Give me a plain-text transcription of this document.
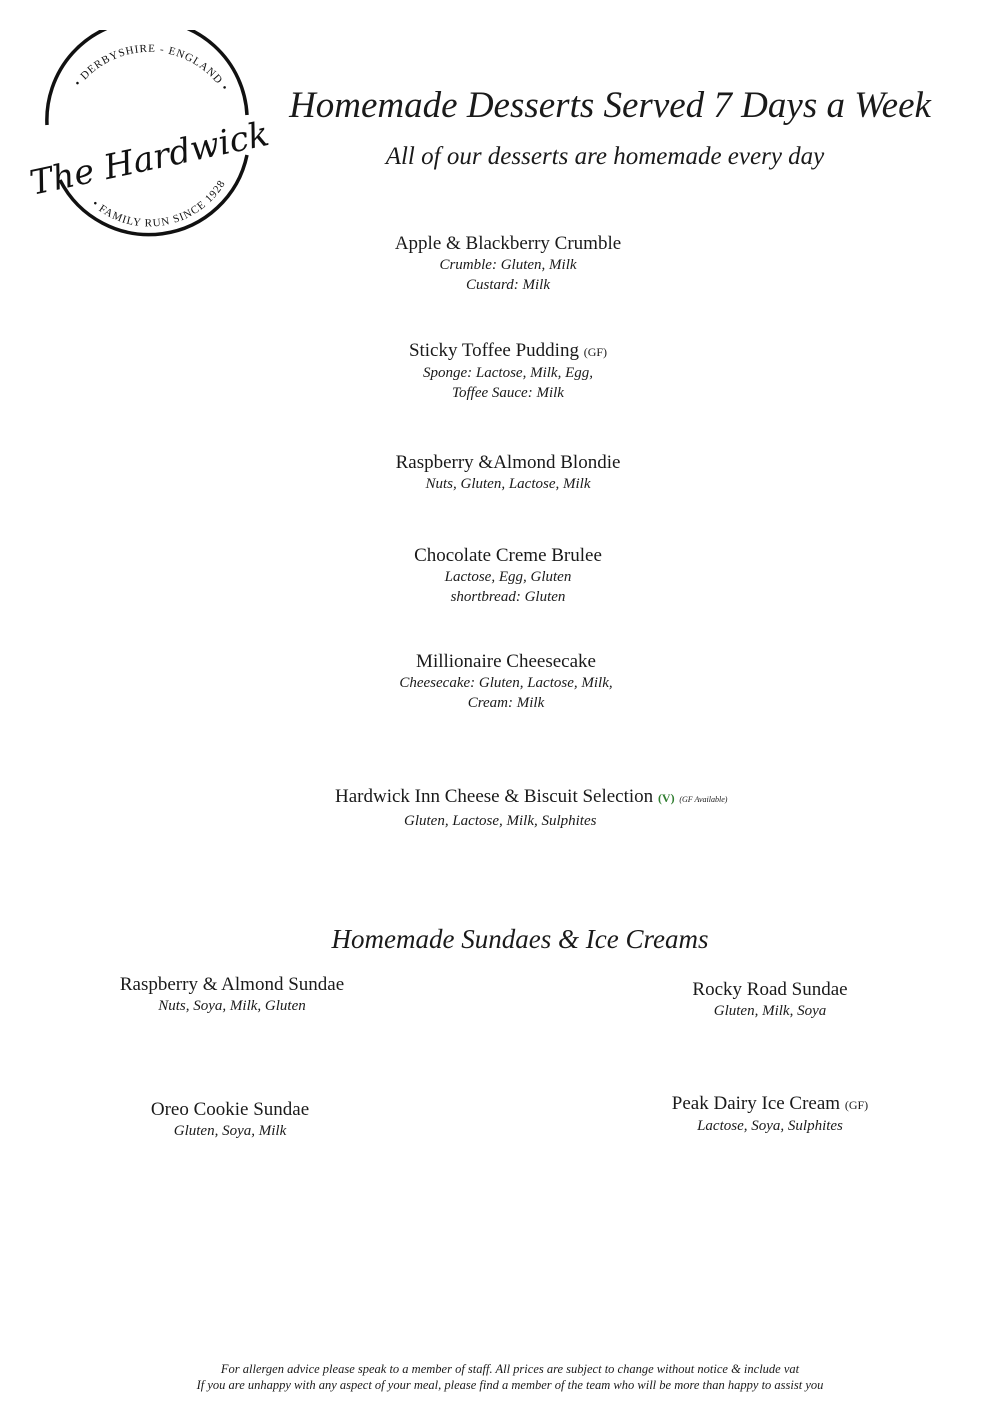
• DERBYSHIRE - ENGLAND •
• FAMILY RUN SINCE 1928
The Hardwick
Homemade Desserts Served 7 Days a Week
All of our desserts are homemade every day
Apple & Blackberry Crumble
Crumble: Gluten, Milk
Custard: Milk
Sticky Toffee Pudding (GF)
Sponge: Lactose, Milk, Egg,
Toffee Sauce: Milk
Raspberry &Almond Blondie
Nuts, Gluten, Lactose, Milk
Chocolate Creme Brulee
Lactose, Egg, Gluten
shortbread: Gluten
Millionaire Cheesecake
Cheesecake: Gluten, Lactose, Milk,
Cream: Milk
Hardwick Inn Cheese & Biscuit Selection (V) (GF Available)
Gluten, Lactose, Milk, Sulphites
Homemade Sundaes & Ice Creams
Raspberry & Almond Sundae
Nuts, Soya, Milk, Gluten
Rocky Road Sundae
Gluten, Milk, Soya
Oreo Cookie Sundae
Gluten, Soya, Milk
Peak Dairy Ice Cream (GF)
Lactose, Soya, Sulphites
For allergen advice please speak to a member of staff. All prices are subject to change without notice & include vat
If you are unhappy with any aspect of your meal, please find a member of the team who will be more than happy to assist you
